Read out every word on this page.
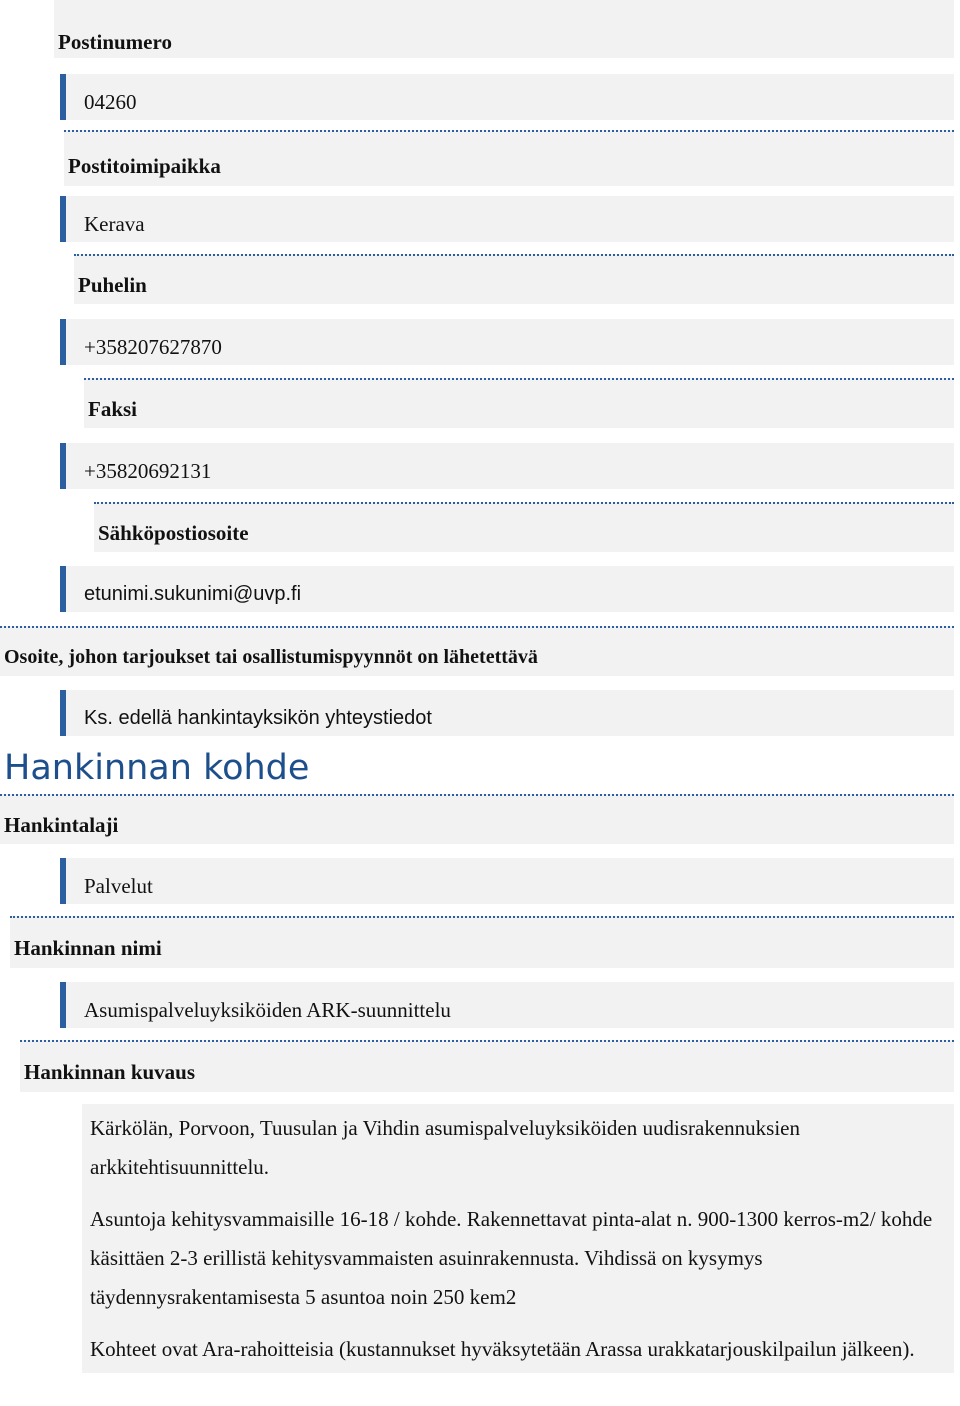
Postinumero
04260
Postitoimipaikka
Kerava
Puhelin
+358207627870
Faksi
+35820692131
Sähköpostiosoite
etunimi.sukunimi@uvp.fi
Osoite, johon tarjoukset tai osallistumispyynnöt on lähetettävä
Ks. edellä hankintayksikön yhteystiedot
Hankinnan kohde
Hankintalaji
Palvelut
Hankinnan nimi
Asumispalveluyksiköiden ARK-suunnittelu
Hankinnan kuvaus

Kärkölän, Porvoon, Tuusulan ja Vihdin asumispalveluyksiköiden uudisrakennuksien arkkitehtisuunnittelu.

Asuntoja kehitysvammaisille 16-18 / kohde. Rakennettavat pinta-alat n. 900-1300 kerros-m2/ kohde käsittäen 2-3 erillistä kehitysvammaisten asuinrakennusta. Vihdissä on kysymys täydennysrakentamisesta 5 asuntoa noin 250 kem2

Kohteet ovat Ara-rahoitteisia (kustannukset hyväksytetään Arassa urakkatarjouskilpailun jälkeen).
